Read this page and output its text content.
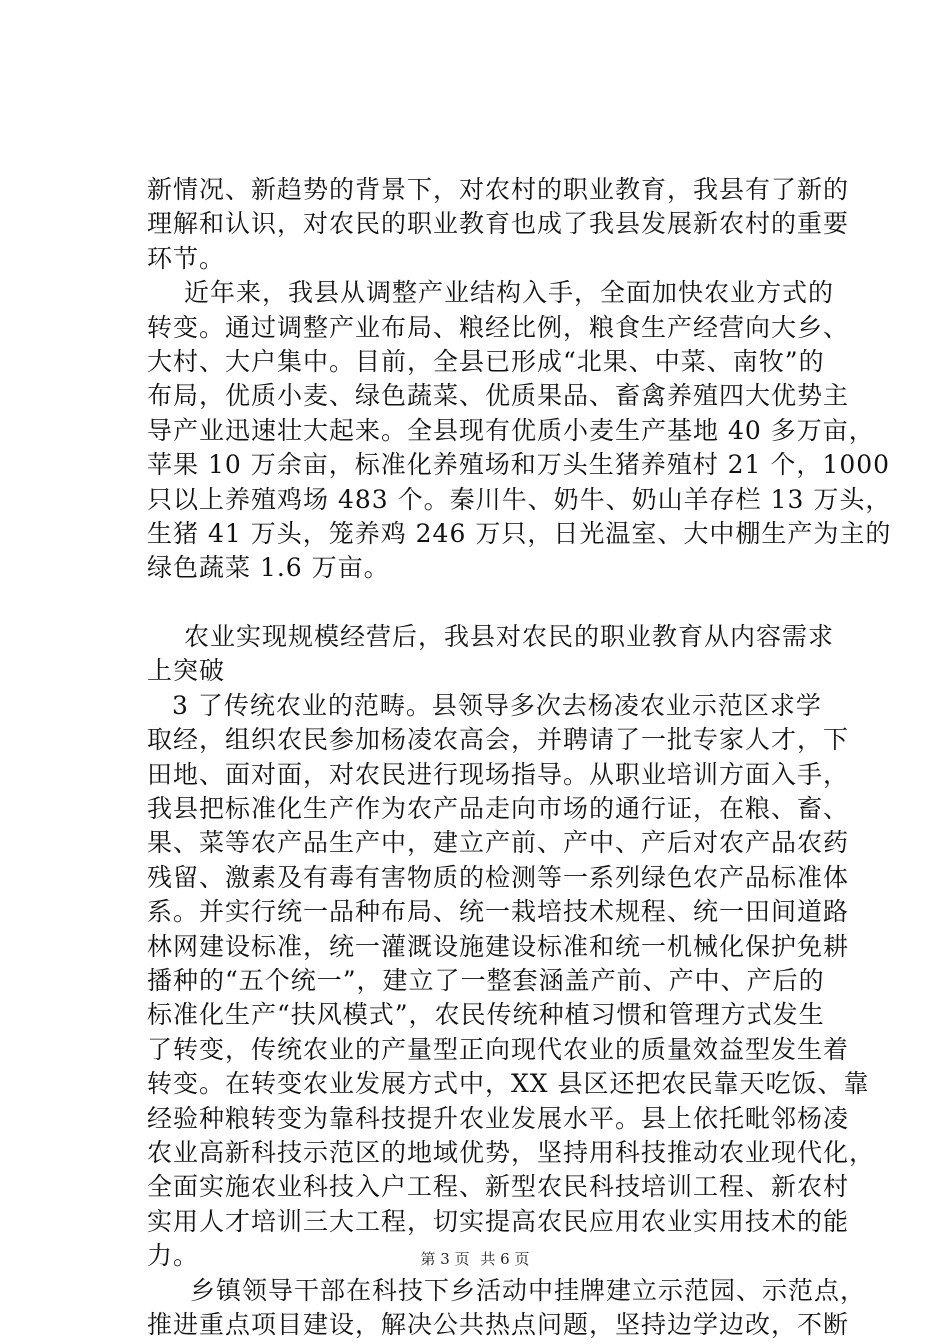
新情况、新趋势的背景下，对农村的职业教育，我县有了新的
理解和认识，对农民的职业教育也成了我县发展新农村的重要
环节。
近年来，我县从调整产业结构入手，全面加快农业方式的
转变。通过调整产业布局、粮经比例，粮食生产经营向大乡、
大村、大户集中。目前，全县已形成“北果、中菜、南牧”的
布局，优质小麦、绿色蔬菜、优质果品、畜禽养殖四大优势主
导产业迅速壮大起来。全县现有优质小麦生产基地 40 多万亩，
苹果 10 万余亩，标准化养殖场和万头生猪养殖村 21 个，1000
只以上养殖鸡场 483 个。秦川牛、奶牛、奶山羊存栏 13 万头，
生猪 41 万头，笼养鸡 246 万只，日光温室、大中棚生产为主的
绿色蔬菜 1.6 万亩。
农业实现规模经营后，我县对农民的职业教育从内容需求
上突破
3 了传统农业的范畴。县领导多次去杨凌农业示范区求学
取经，组织农民参加杨凌农高会，并聘请了一批专家人才，下
田地、面对面，对农民进行现场指导。从职业培训方面入手，
我县把标准化生产作为农产品走向市场的通行证，在粮、畜、
果、菜等农产品生产中，建立产前、产中、产后对农产品农药
残留、激素及有毒有害物质的检测等一系列绿色农产品标准体
系。并实行统一品种布局、统一栽培技术规程、统一田间道路
林网建设标准，统一灌溉设施建设标准和统一机械化保护免耕
播种的“五个统一”，建立了一整套涵盖产前、产中、产后的
标准化生产“扶风模式”，农民传统种植习惯和管理方式发生
了转变，传统农业的产量型正向现代农业的质量效益型发生着
转变。在转变农业发展方式中，XX 县区还把农民靠天吃饭、靠
经验种粮转变为靠科技提升农业发展水平。县上依托毗邻杨凌
农业高新科技示范区的地域优势，坚持用科技推动农业现代化，
全面实施农业科技入户工程、新型农民科技培训工程、新农村
实用人才培训三大工程，切实提高农民应用农业实用技术的能
力。
乡镇领导干部在科技下乡活动中挂牌建立示范园、示范点，
推进重点项目建设，解决公共热点问题，坚持边学边改，不断
第 3 页 共 6 页
